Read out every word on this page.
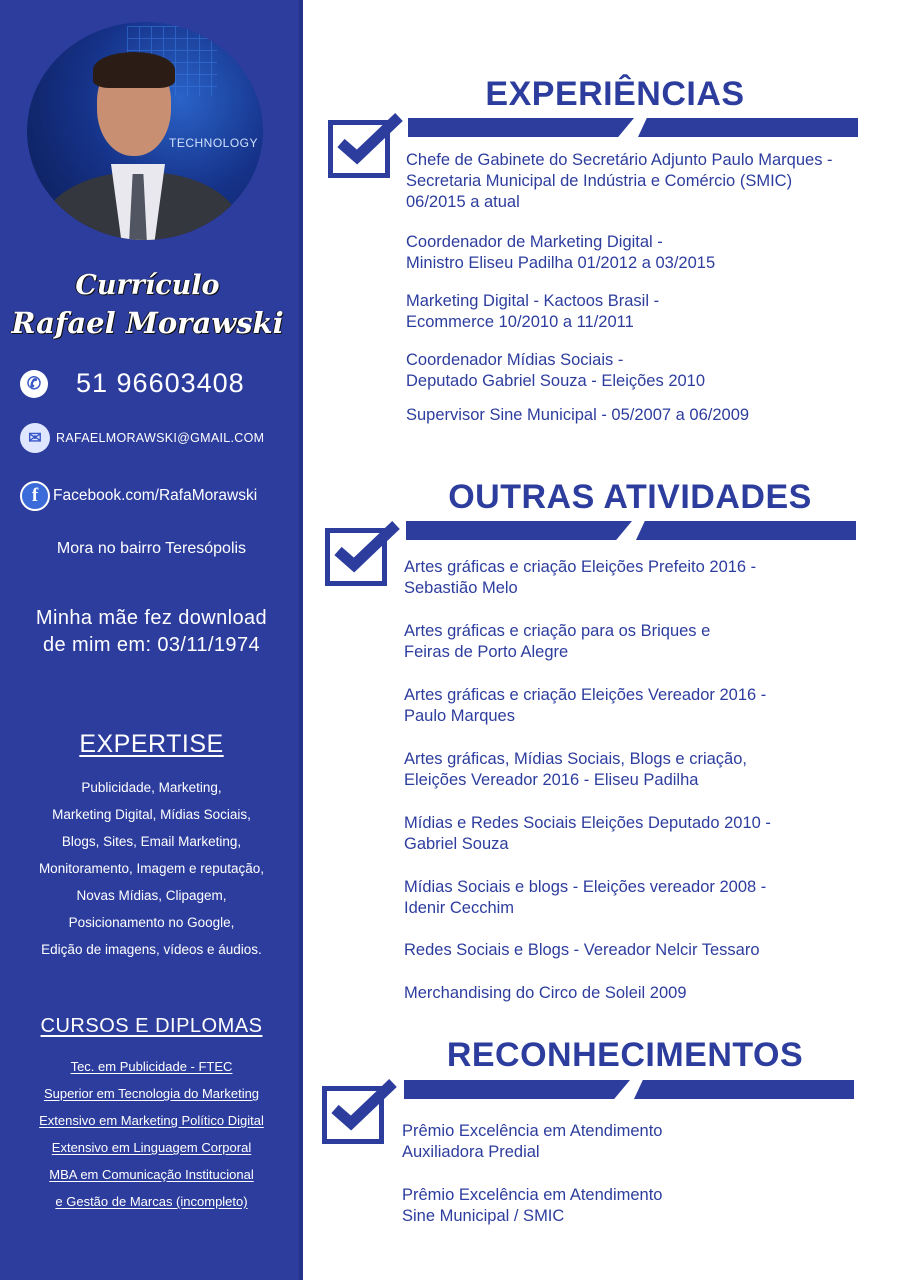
TECHNOLOGY
Currículo
Rafael Morawski
✆ 51 96603408
✉	RAFAELMORAWSKI@GMAIL.COM
f Facebook.com/RafaMorawski
Mora no bairro Teresópolis
Minha mãe fez download
de mim em: 03/11/1974
EXPERTISE
Publicidade, Marketing,
Marketing Digital, Mídias Sociais,
Blogs, Sites, Email Marketing,
Monitoramento, Imagem e reputação,
Novas Mídias, Clipagem,
Posicionamento no Google,
Edição de imagens, vídeos e áudios.
CURSOS E DIPLOMAS
Tec. em Publicidade - FTEC
Superior em Tecnologia do Marketing
Extensivo em Marketing Político Digital
Extensivo em Linguagem Corporal
MBA em Comunicação Institucional
e Gestão de Marcas (incompleto)
EXPERIÊNCIAS
Chefe de Gabinete do Secretário Adjunto Paulo Marques -
Secretaria Municipal de Indústria e Comércio (SMIC)
06/2015 a atual
Coordenador de Marketing Digital -
Ministro Eliseu Padilha 01/2012 a 03/2015
Marketing Digital - Kactoos Brasil -
Ecommerce 10/2010 a 11/2011
Coordenador Mídias Sociais -
Deputado Gabriel Souza - Eleições 2010
Supervisor Sine Municipal - 05/2007 a 06/2009
OUTRAS ATIVIDADES
Artes gráficas e criação Eleições Prefeito 2016 -
Sebastião Melo
Artes gráficas e criação para os Briques e
Feiras de Porto Alegre
Artes gráficas e criação Eleições Vereador 2016 -
Paulo Marques
Artes gráficas, Mídias Sociais, Blogs e criação,
Eleições Vereador 2016 - Eliseu Padilha
Mídias e Redes Sociais Eleições Deputado 2010 -
Gabriel Souza
Mídias Sociais e blogs - Eleições vereador 2008 -
Idenir Cecchim
Redes Sociais e Blogs - Vereador Nelcir Tessaro
Merchandising do Circo de Soleil 2009
RECONHECIMENTOS
Prêmio Excelência em Atendimento
Auxiliadora Predial
Prêmio Excelência em Atendimento
Sine Municipal / SMIC
